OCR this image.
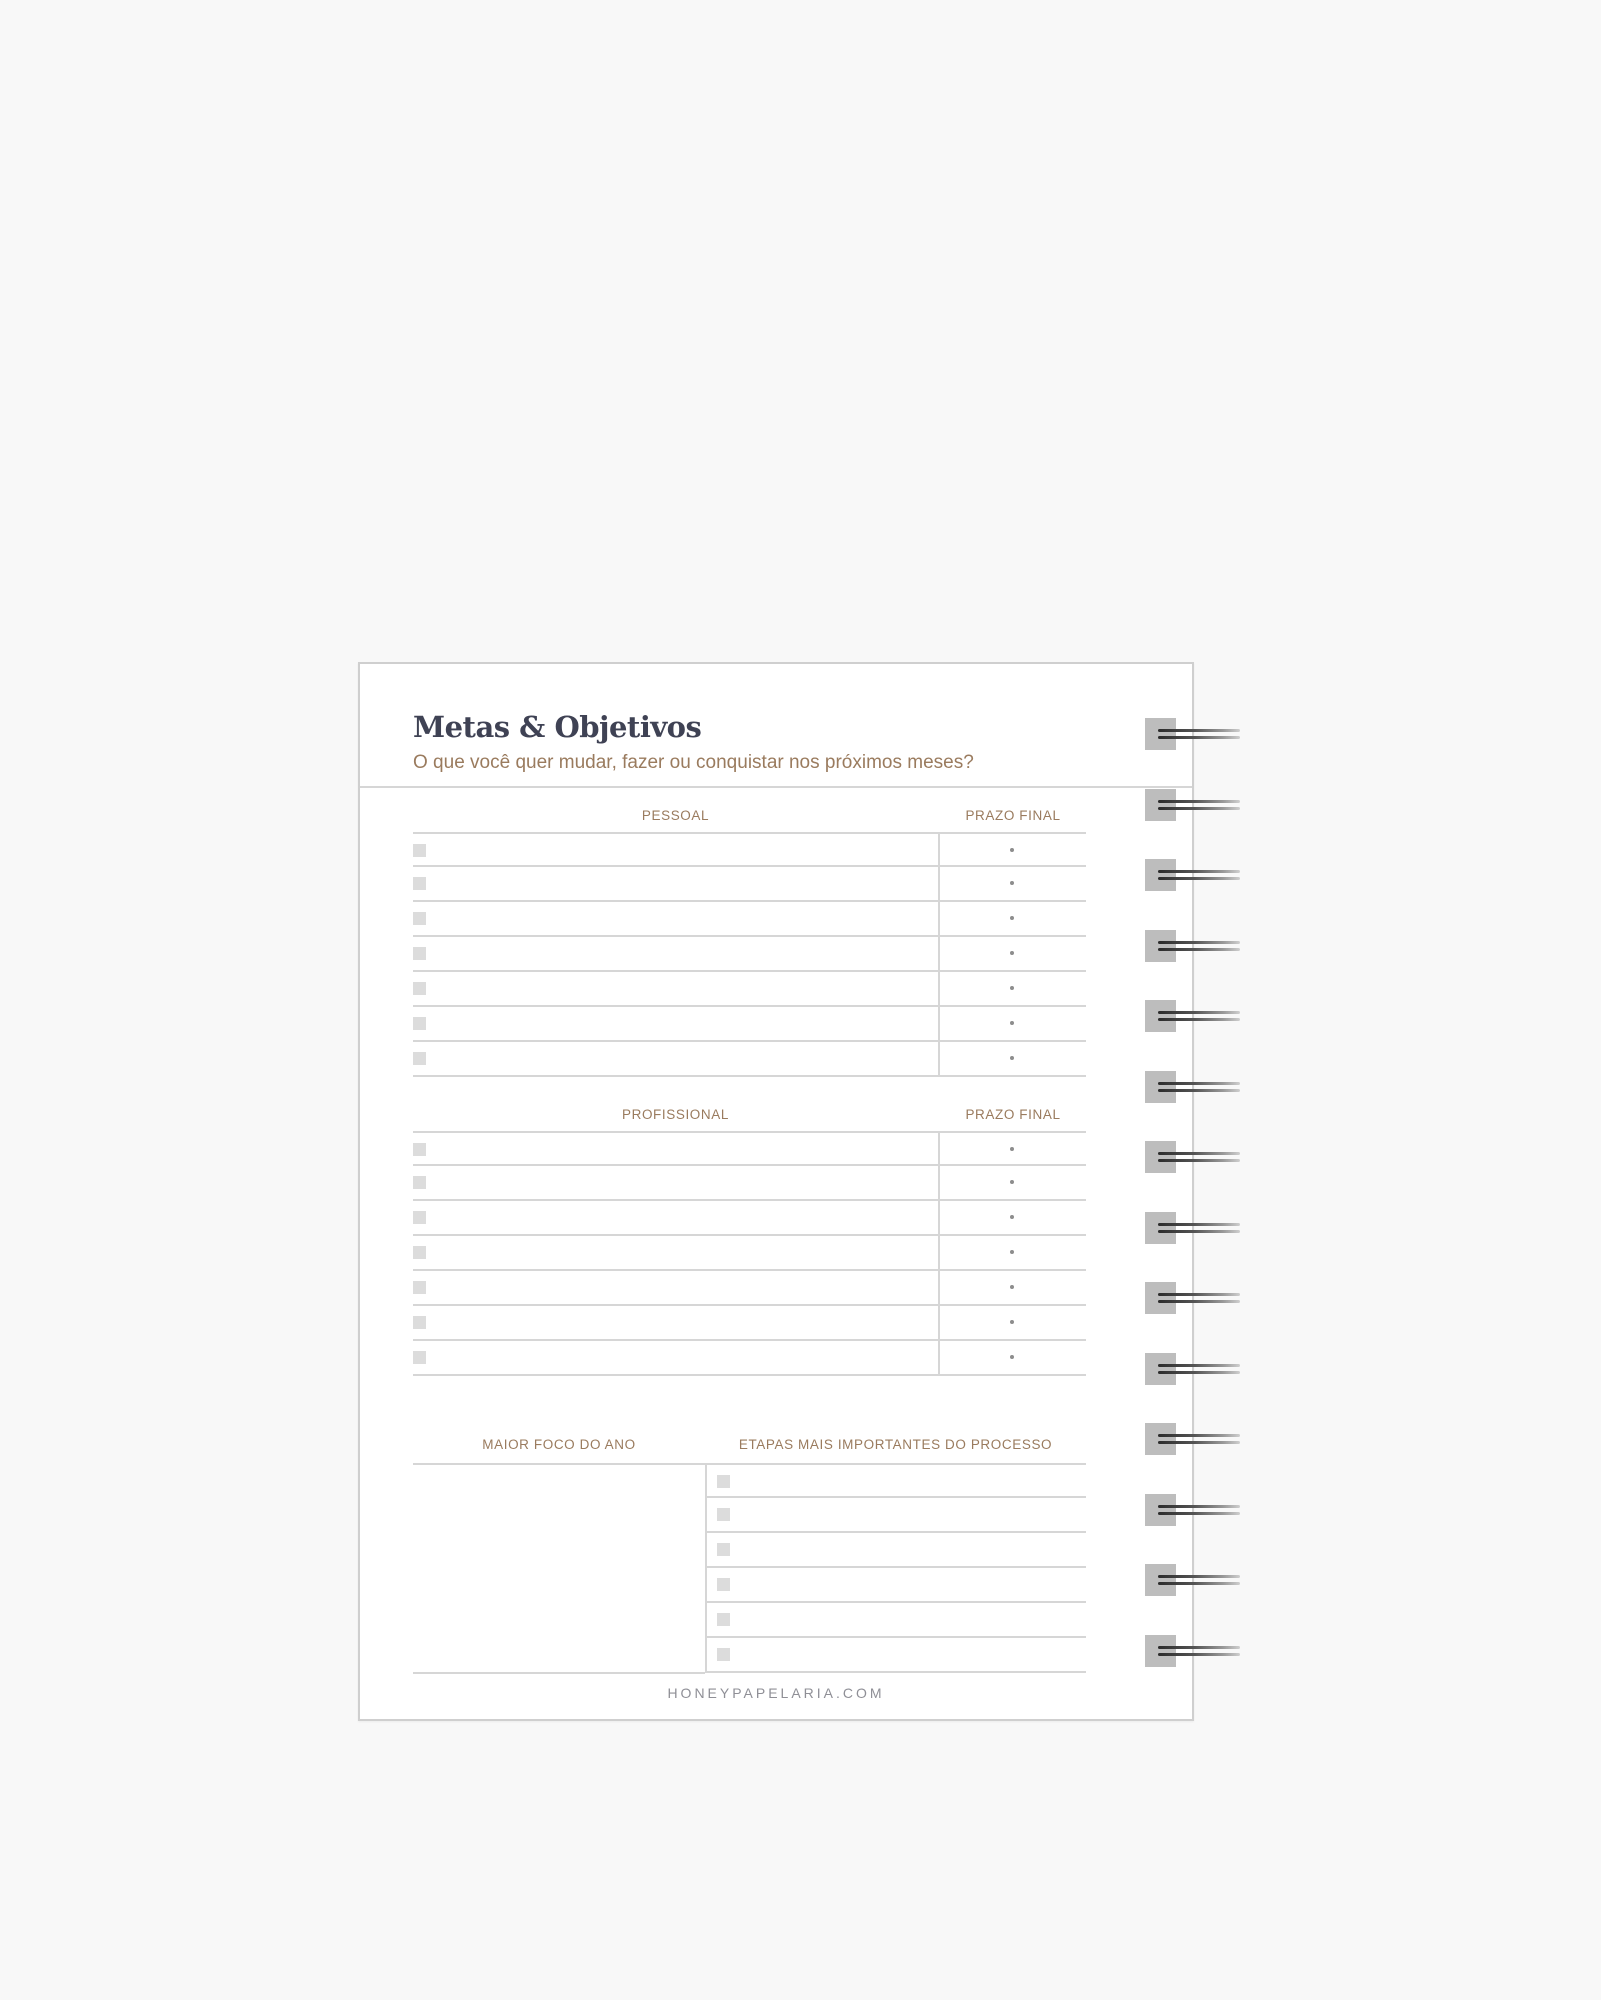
Metas & Objetivos
O que você quer mudar, fazer ou conquistar nos próximos meses?
PESSOAL	PRAZO FINAL
PROFISSIONAL	PRAZO FINAL
MAIOR FOCO DO ANO	ETAPAS MAIS IMPORTANTES DO PROCESSO
HONEYPAPELARIA.COM
